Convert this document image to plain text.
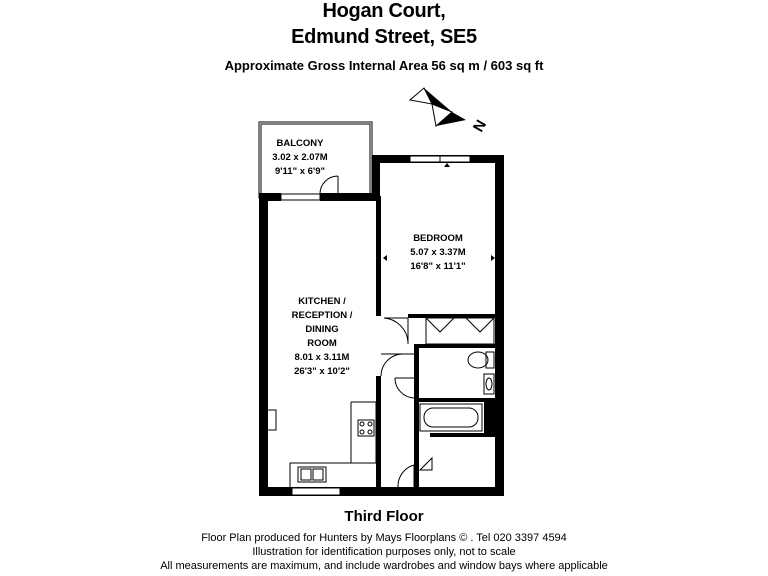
Hogan Court,
Edmund Street, SE5
Approximate Gross Internal Area 56 sq m / 603 sq ft
N
BALCONY
3.02 x 2.07M
9'11" x 6'9"
BEDROOM
5.07 x 3.37M
16'8" x 11'1"
KITCHEN /
RECEPTION /
DINING
ROOM
8.01 x 3.11M
26'3" x 10'2"
Third Floor
Floor Plan produced for Hunters by Mays Floorplans © . Tel 020 3397 4594
Illustration for identification purposes only, not to scale
All measurements are maximum, and include wardrobes and window bays where applicable
